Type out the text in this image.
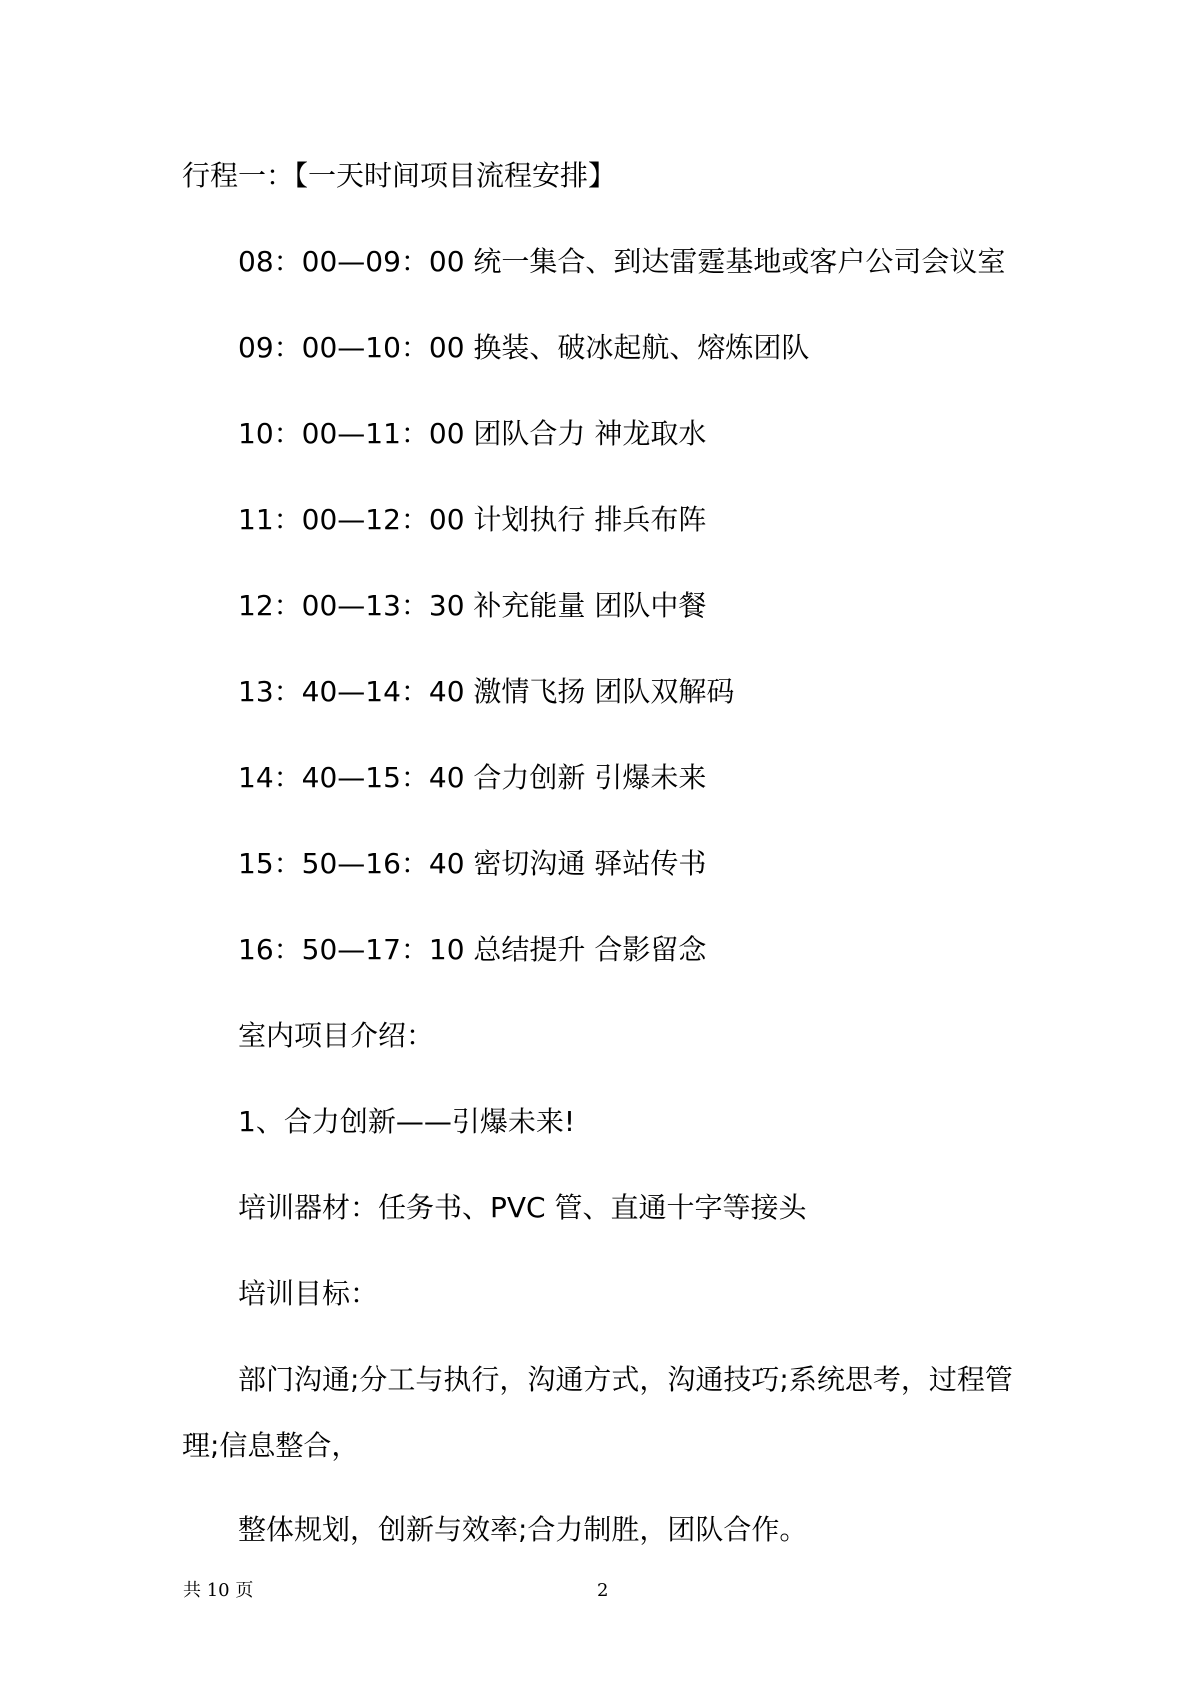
行程一：【一天时间项目流程安排】
08：00—09：00 统一集合、到达雷霆基地或客户公司会议室
09：00—10：00 换装、破冰起航、熔炼团队
10：00—11：00 团队合力 神龙取水
11：00—12：00 计划执行 排兵布阵
12：00—13：30 补充能量 团队中餐
13：40—14：40 激情飞扬 团队双解码
14：40—15：40 合力创新 引爆未来
15：50—16：40 密切沟通 驿站传书
16：50—17：10 总结提升 合影留念
室内项目介绍：
1、合力创新——引爆未来!
培训器材：任务书、PVC 管、直通十字等接头
培训目标：
部门沟通;分工与执行，沟通方式，沟通技巧;系统思考，过程管
理;信息整合，
整体规划，创新与效率;合力制胜，团队合作。
共 10 页	2
